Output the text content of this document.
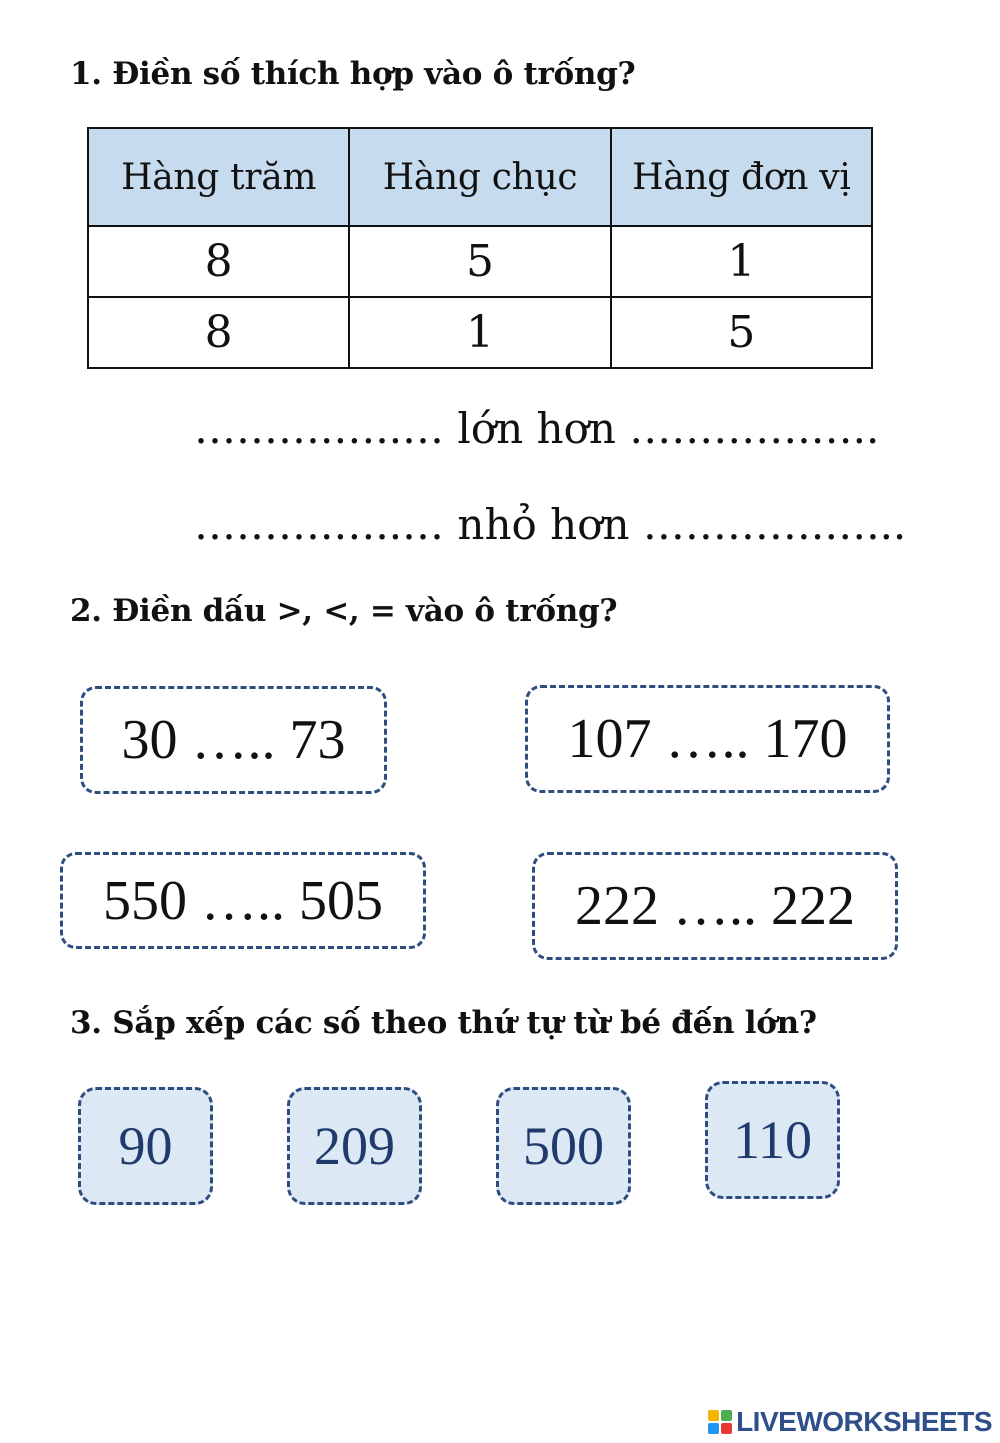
1. Điền số thích hợp vào ô trống?
Hàng trăm	Hàng chục	Hàng đơn vị
8	5	1
8	1	5
……….…..… lớn hơn ………….…..
……….…..… nhỏ hơn ………….…...
2. Điền dấu >, <, = vào ô trống?
30 ….. 73	107 ….. 170
550 ….. 505	222 ….. 222
3. Sắp xếp các số theo thứ tự từ bé đến lớn?
90	209	500	110
LIVEWORKSHEETS
